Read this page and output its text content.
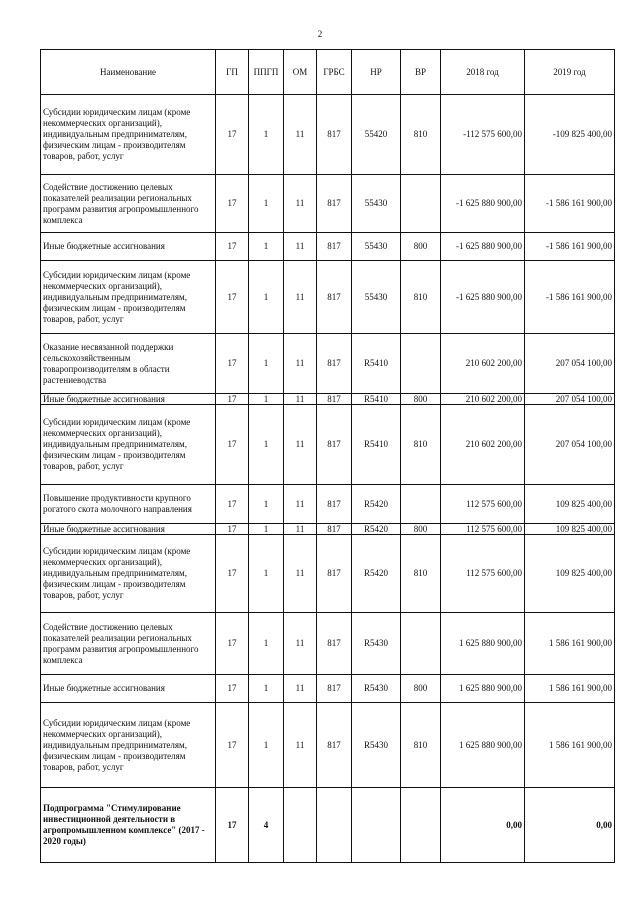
2
Наименование	ГП	ППГП	ОМ	ГРБС	НР	ВР	2018 год	2019 год
Субсидии юридическим лицам (кроме некоммерческих организаций), индивидуальным предпринимателям, физическим лицам - производителям товаров, работ, услуг	17	1	11	817	55420	810	-112 575 600,00	-109 825 400,00
Содействие достижению целевых показателей реализации региональных программ развития агропромышленного комплекса	17	1	11	817	55430		-1 625 880 900,00	-1 586 161 900,00
Иные бюджетные ассигнования	17	1	11	817	55430	800	-1 625 880 900,00	-1 586 161 900,00
Субсидии юридическим лицам (кроме некоммерческих организаций), индивидуальным предпринимателям, физическим лицам - производителям товаров, работ, услуг	17	1	11	817	55430	810	-1 625 880 900,00	-1 586 161 900,00
Оказание несвязанной поддержки сельскохозяйственным товаропроизводителям в области растениеводства	17	1	11	817	R5410		210 602 200,00	207 054 100,00
Иные бюджетные ассигнования	17	1	11	817	R5410	800	210 602 200,00	207 054 100,00
Субсидии юридическим лицам (кроме некоммерческих организаций), индивидуальным предпринимателям, физическим лицам - производителям товаров, работ, услуг	17	1	11	817	R5410	810	210 602 200,00	207 054 100,00
Повышение продуктивности крупного рогатого скота молочного направления	17	1	11	817	R5420		112 575 600,00	109 825 400,00
Иные бюджетные ассигнования	17	1	11	817	R5420	800	112 575 600,00	109 825 400,00
Субсидии юридическим лицам (кроме некоммерческих организаций), индивидуальным предпринимателям, физическим лицам - производителям товаров, работ, услуг	17	1	11	817	R5420	810	112 575 600,00	109 825 400,00
Содействие достижению целевых показателей реализации региональных программ развития агропромышленного комплекса	17	1	11	817	R5430		1 625 880 900,00	1 586 161 900,00
Иные бюджетные ассигнования	17	1	11	817	R5430	800	1 625 880 900,00	1 586 161 900,00
Субсидии юридическим лицам (кроме некоммерческих организаций), индивидуальным предпринимателям, физическим лицам - производителям товаров, работ, услуг	17	1	11	817	R5430	810	1 625 880 900,00	1 586 161 900,00
Подпрограмма "Стимулирование инвестиционной деятельности в агропромышленном комплексе" (2017 - 2020 годы)	17	4					0,00	0,00
